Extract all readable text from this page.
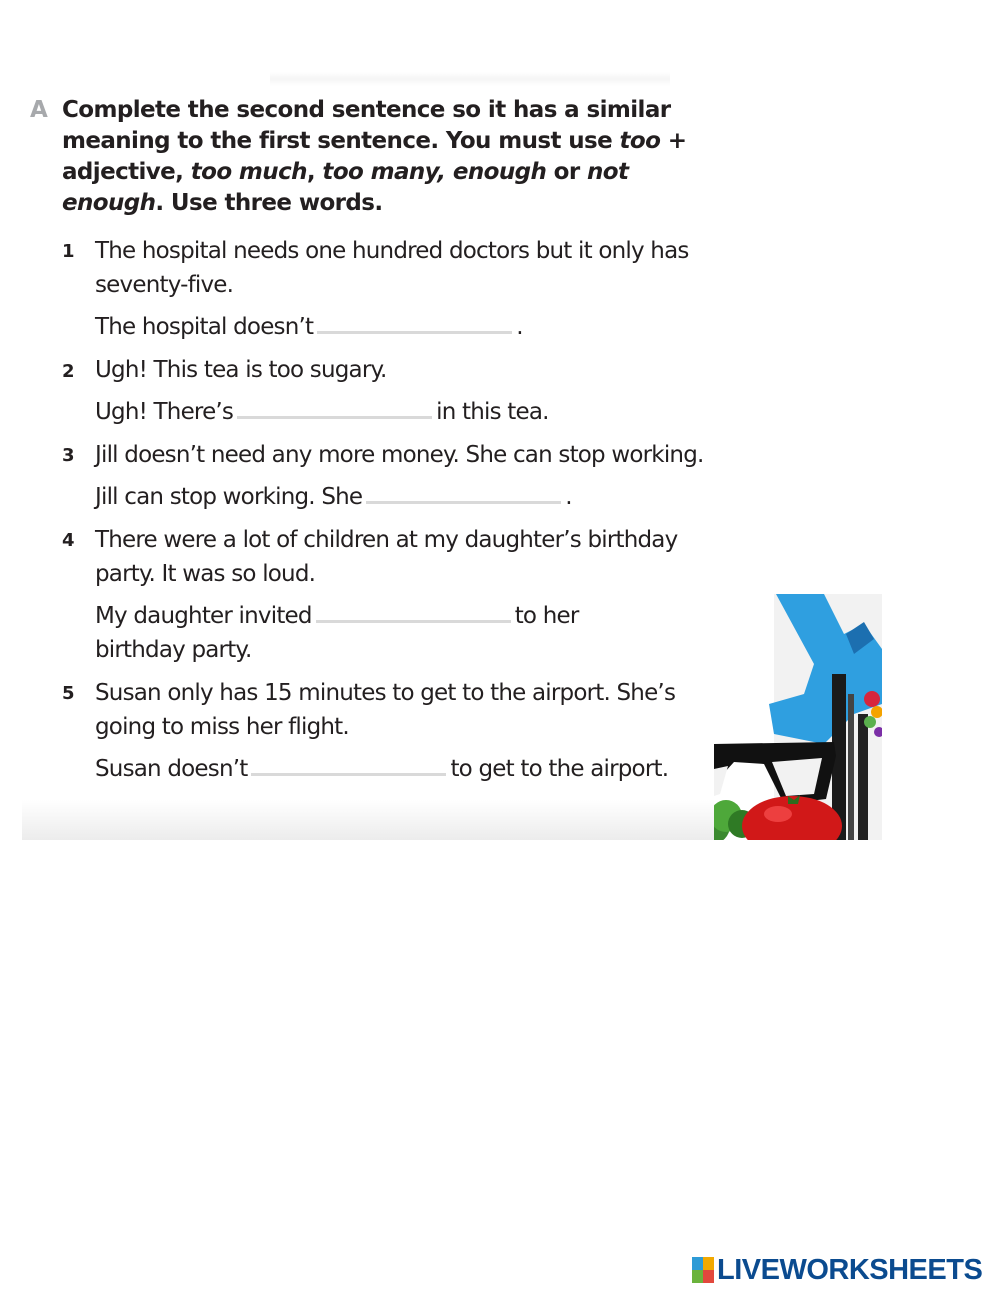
A Complete the second sentence so it has a similar meaning to the first sentence. You must use too + adjective, too much, too many, enough or not enough. Use three words.
1 The hospital needs one hundred doctors but it only has seventy-five.
The hospital doesn’t	.
2 Ugh! This tea is too sugary.
Ugh! There’s	in this tea.
3 Jill doesn’t need any more money. She can stop working.
Jill can stop working. She	.
4 There were a lot of children at my daughter’s birthday party. It was so loud.
My daughter invited	to her birthday party.
5 Susan only has 15 minutes to get to the airport. She’s going to miss her flight.
Susan doesn’t	to get to the airport.
LIVEWORKSHEETS
